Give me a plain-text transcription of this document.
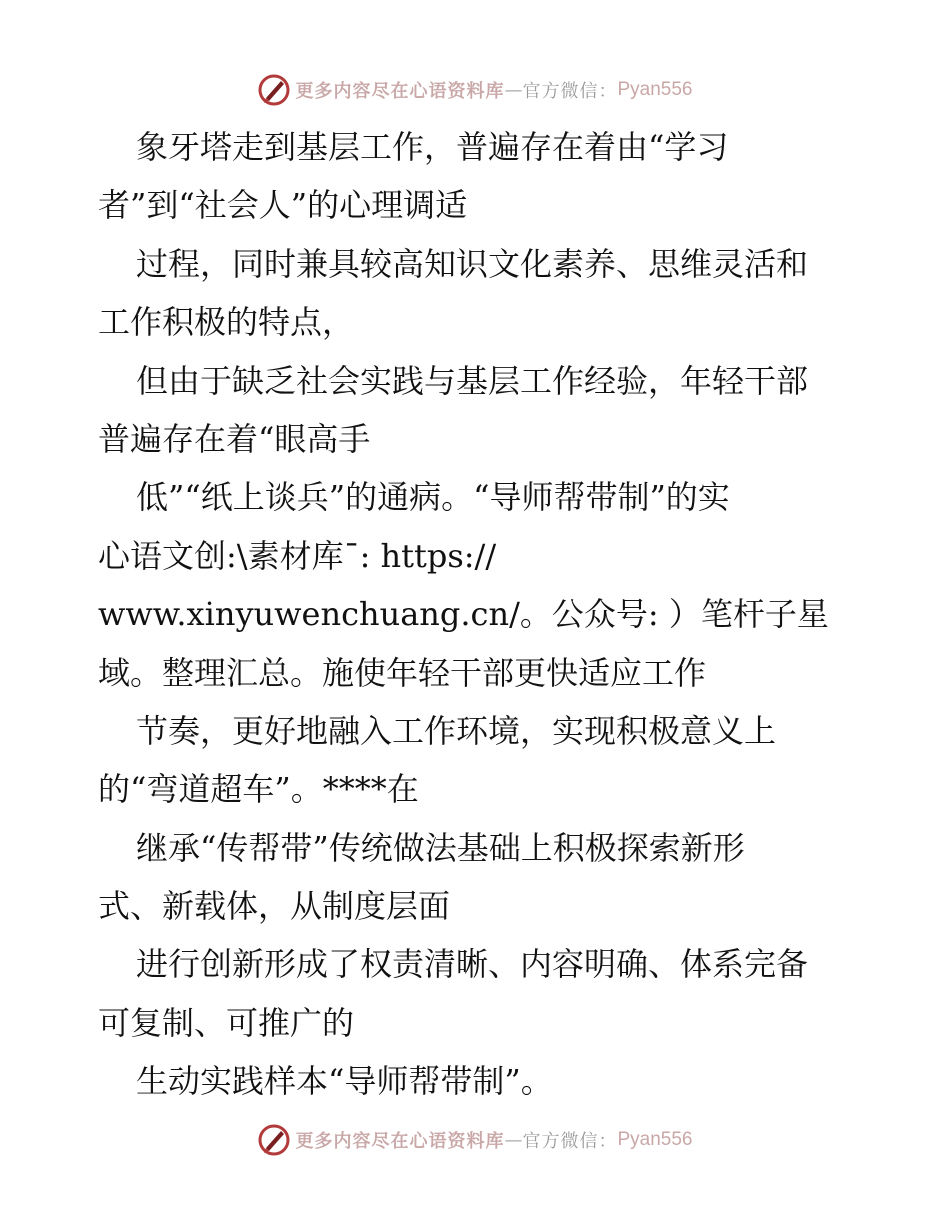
更多内容尽在心语资料库 — 官方微信： Pyan556
象牙塔走到基层工作，普遍存在着由“学习
者”到“社会人”的心理调适
过程，同时兼具较高知识文化素养、思维灵活和
工作积极的特点，
但由于缺乏社会实践与基层工作经验，年轻干部
普遍存在着“眼高手
低”“纸上谈兵”的通病。“导师帮带制”的实
心语文创:\素材库¯: https://
www.xinyuwenchuang.cn/。公众号: ）笔杆子星
域。整理汇总。施使年轻干部更快适应工作
节奏，更好地融入工作环境，实现积极意义上
的“弯道超车”。****在
继承“传帮带”传统做法基础上积极探索新形
式、新载体，从制度层面
进行创新形成了权责清晰、内容明确、体系完备
可复制、可推广的
生动实践样本“导师帮带制”。
更多内容尽在心语资料库 — 官方微信： Pyan556
